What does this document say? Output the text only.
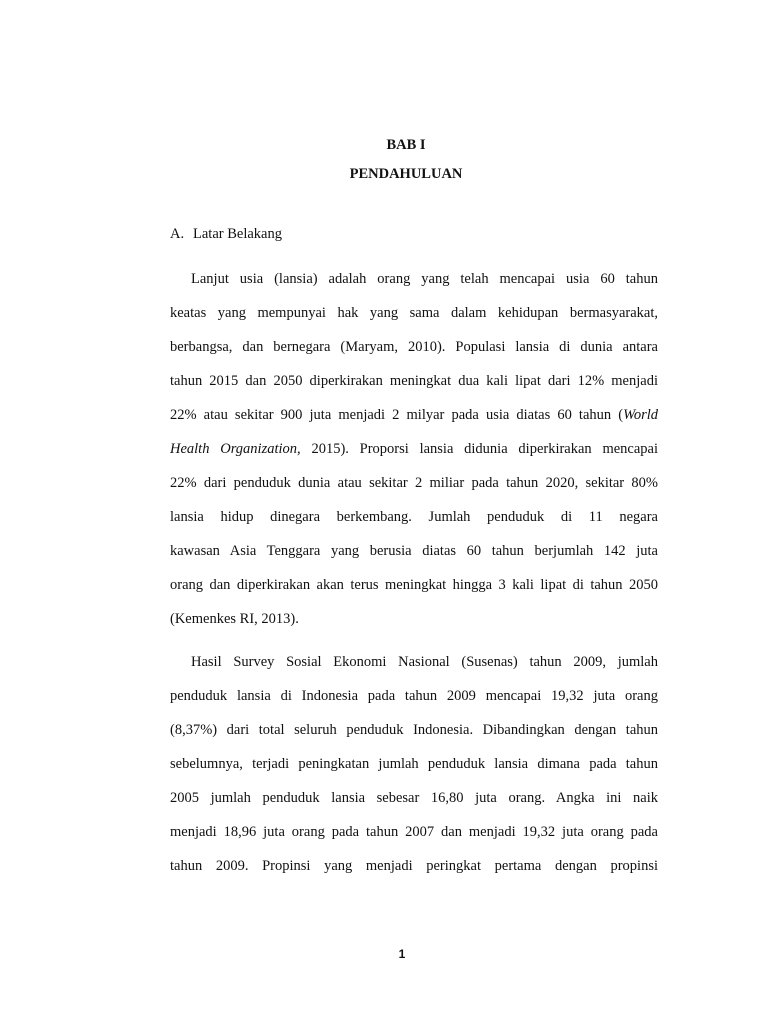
BAB I
PENDAHULUAN
A. Latar Belakang
Lanjut usia (lansia) adalah orang yang telah mencapai usia 60 tahun
keatas yang mempunyai hak yang sama dalam kehidupan bermasyarakat,
berbangsa, dan bernegara (Maryam, 2010). Populasi lansia di dunia antara
tahun 2015 dan 2050 diperkirakan meningkat dua kali lipat dari 12% menjadi
22% atau sekitar 900 juta menjadi 2 milyar pada usia diatas 60 tahun (World
Health Organization, 2015). Proporsi lansia didunia diperkirakan mencapai
22% dari penduduk dunia atau sekitar 2 miliar pada tahun 2020, sekitar 80%
lansia hidup dinegara berkembang. Jumlah penduduk di 11 negara
kawasan Asia Tenggara yang berusia diatas 60 tahun berjumlah 142 juta
orang dan diperkirakan akan terus meningkat hingga 3 kali lipat di tahun 2050
(Kemenkes RI, 2013).
Hasil Survey Sosial Ekonomi Nasional (Susenas) tahun 2009, jumlah
penduduk lansia di Indonesia pada tahun 2009 mencapai 19,32 juta orang
(8,37%) dari total seluruh penduduk Indonesia. Dibandingkan dengan tahun
sebelumnya, terjadi peningkatan jumlah penduduk lansia dimana pada tahun
2005 jumlah penduduk lansia sebesar 16,80 juta orang. Angka ini naik
menjadi 18,96 juta orang pada tahun 2007 dan menjadi 19,32 juta orang pada
tahun 2009. Propinsi yang menjadi peringkat pertama dengan propinsi
1
